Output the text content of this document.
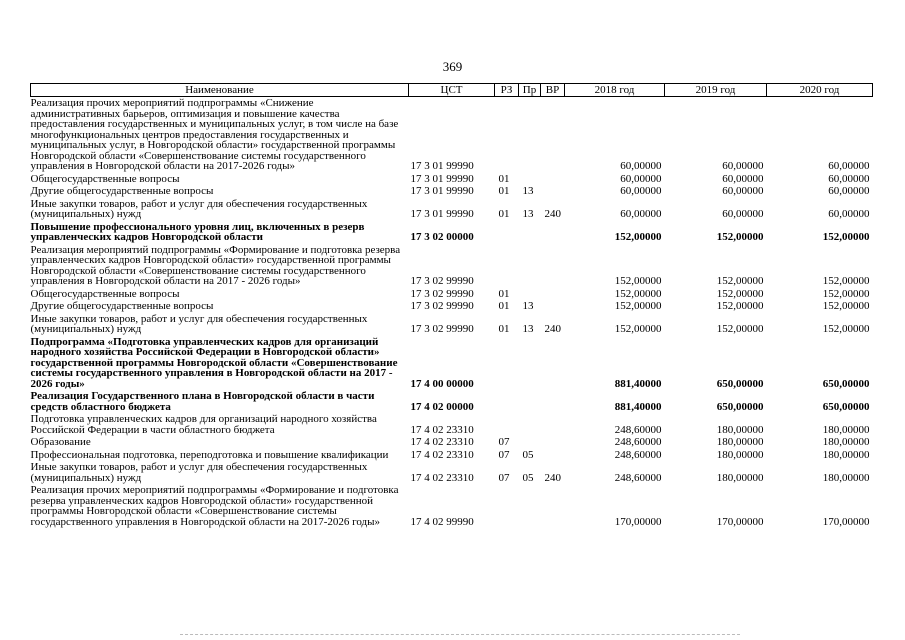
369
Наименование	ЦСТ	РЗ	Пр	ВР	2018 год	2019 год	2020 год
Реализация прочих мероприятий подпрограммы «Снижение административных барьеров, оптимизация и повышение качества предоставления государственных и муниципальных услуг, в том числе на базе многофункциональных центров предоставления государственных и муниципальных услуг, в Новгородской области» государственной программы Новгородской области «Совершенствование системы государственного управления в Новгородской области на 2017-2026 годы»	17 3 01 99990				60,00000	60,00000	60,00000
Общегосударственные вопросы	17 3 01 99990	01			60,00000	60,00000	60,00000
Другие общегосударственные вопросы	17 3 01 99990	01	13		60,00000	60,00000	60,00000
Иные закупки товаров, работ и услуг для обеспечения государственных (муниципальных) нужд	17 3 01 99990	01	13	240	60,00000	60,00000	60,00000
Повышение профессионального уровня лиц, включенных в резерв управленческих кадров Новгородской области	17 3 02 00000				152,00000	152,00000	152,00000
Реализация мероприятий подпрограммы «Формирование и подготовка резерва управленческих кадров Новгородской области» государственной программы Новгородской области «Совершенствование системы государственного управления в Новгородской области на 2017 - 2026 годы»	17 3 02 99990				152,00000	152,00000	152,00000
Общегосударственные вопросы	17 3 02 99990	01			152,00000	152,00000	152,00000
Другие общегосударственные вопросы	17 3 02 99990	01	13		152,00000	152,00000	152,00000
Иные закупки товаров, работ и услуг для обеспечения государственных (муниципальных) нужд	17 3 02 99990	01	13	240	152,00000	152,00000	152,00000
Подпрограмма «Подготовка управленческих кадров для организаций народного хозяйства Российской Федерации в Новгородской области» государственной программы Новгородской области «Совершенствование системы государственного управления в Новгородской области на 2017 - 2026 годы»	17 4 00 00000				881,40000	650,00000	650,00000
Реализация Государственного плана в Новгородской области в части средств областного бюджета	17 4 02 00000				881,40000	650,00000	650,00000
Подготовка управленческих кадров для организаций народного хозяйства Российской Федерации в части областного бюджета	17 4 02 23310				248,60000	180,00000	180,00000
Образование	17 4 02 23310	07			248,60000	180,00000	180,00000
Профессиональная подготовка, переподготовка и повышение квалификации	17 4 02 23310	07	05		248,60000	180,00000	180,00000
Иные закупки товаров, работ и услуг для обеспечения государственных (муниципальных) нужд	17 4 02 23310	07	05	240	248,60000	180,00000	180,00000
Реализация прочих мероприятий подпрограммы «Формирование и подготовка резерва управленческих кадров Новгородской области» государственной программы Новгородской области «Совершенствование системы государственного управления в Новгородской области на 2017-2026 годы»	17 4 02 99990				170,00000	170,00000	170,00000
